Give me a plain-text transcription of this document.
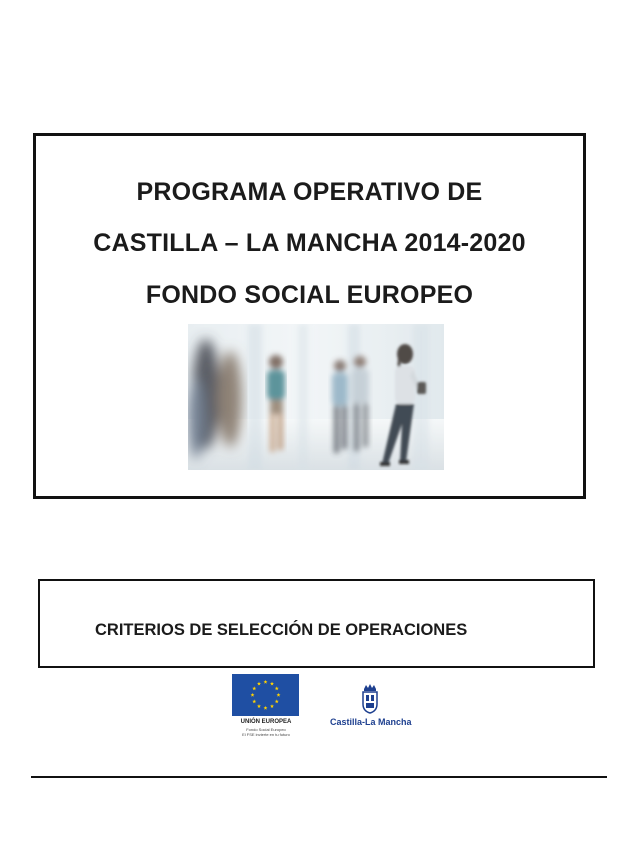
PROGRAMA OPERATIVO DE
CASTILLA – LA MANCHA 2014-2020
FONDO SOCIAL EUROPEO
CRITERIOS DE SELECCIÓN DE OPERACIONES
UNIÓN EUROPEA
Fondo Social Europeo
El FSE invierte en tu futuro
Castilla-La Mancha
